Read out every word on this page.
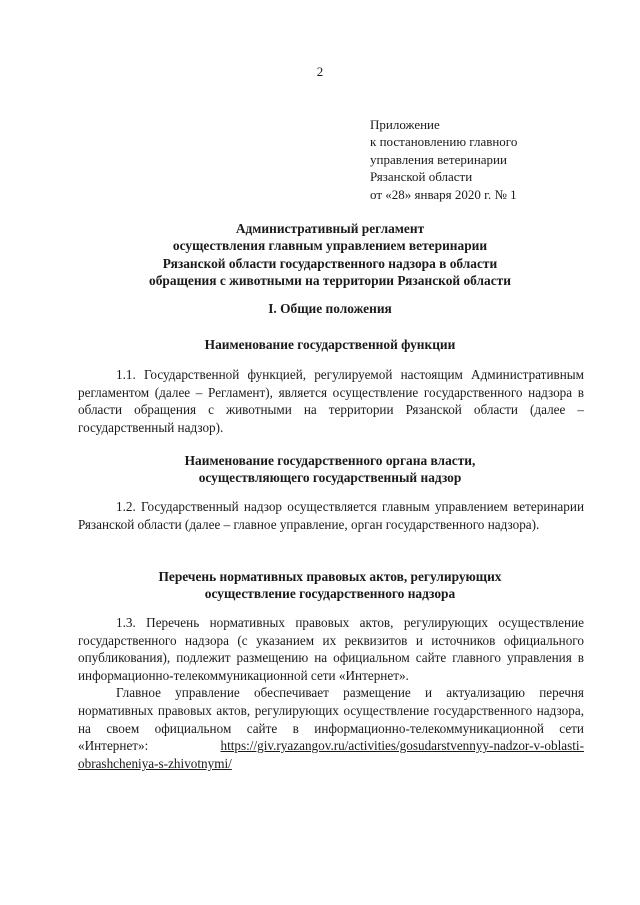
2
Приложение
к постановлению главного
управления ветеринарии
Рязанской области
от «28» января 2020 г. № 1
Административный регламент
осуществления главным управлением ветеринарии
Рязанской области государственного надзора в области
обращения с животными на территории Рязанской области
I. Общие положения
Наименование государственной функции

1.1. Государственной функцией, регулируемой настоящим Административным регламентом (далее – Регламент), является осуществление государственного надзора в области обращения с животными на территории Рязанской области (далее – государственный надзор).

Наименование государственного органа власти,
осуществляющего государственный надзор

1.2. Государственный надзор осуществляется главным управлением ветеринарии Рязанской области (далее – главное управление, орган государственного надзора).

Перечень нормативных правовых актов, регулирующих
осуществление государственного надзора

1.3. Перечень нормативных правовых актов, регулирующих осуществление государственного надзора (с указанием их реквизитов и источников официального опубликования), подлежит размещению на официальном сайте главного управления в информационно-телекоммуникационной сети «Интернет».

Главное управление обеспечивает размещение и актуализацию перечня нормативных правовых актов, регулирующих осуществление государственного надзора, на своем официальном сайте в информационно-телекоммуникационной сети «Интернет»:	https://giv.ryazangov.ru/activities/gosudarstvennyy-nadzor-v-oblasti-obrashcheniya-s-zhivotnymi/
